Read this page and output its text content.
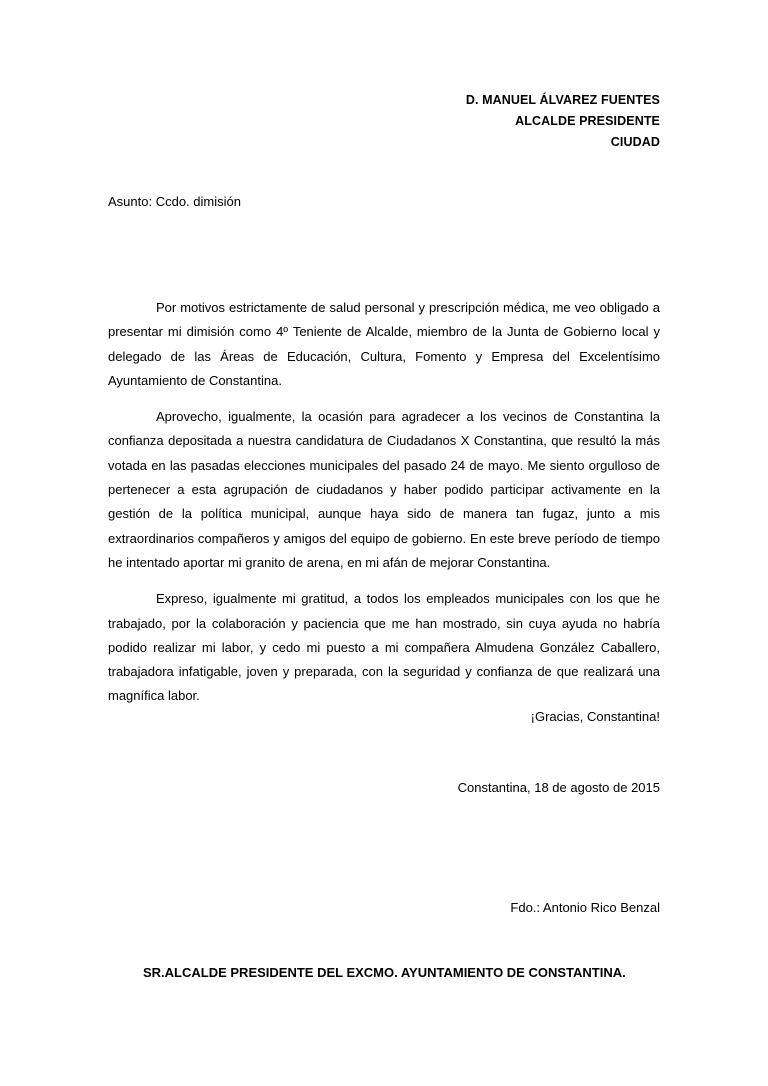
D. MANUEL ÁLVAREZ FUENTES
ALCALDE PRESIDENTE
CIUDAD
Asunto: Ccdo. dimisión

Por motivos estrictamente de salud personal y prescripción médica, me veo obligado a presentar mi dimisión como 4º Teniente de Alcalde, miembro de la Junta de Gobierno local y delegado de las Áreas de Educación, Cultura, Fomento y Empresa del Excelentísimo Ayuntamiento de Constantina.

Aprovecho, igualmente, la ocasión para agradecer a los vecinos de Constantina la confianza depositada a nuestra candidatura de Ciudadanos X Constantina, que resultó la más votada en las pasadas elecciones municipales del pasado 24 de mayo. Me siento orgulloso de pertenecer a esta agrupación de ciudadanos y haber podido participar activamente en la gestión de la política municipal, aunque haya sido de manera tan fugaz, junto a mis extraordinarios compañeros y amigos del equipo de gobierno. En este breve período de tiempo he intentado aportar mi granito de arena, en mi afán de mejorar Constantina.

Expreso, igualmente mi gratitud, a todos los empleados municipales con los que he trabajado, por la colaboración y paciencia que me han mostrado, sin cuya ayuda no habría podido realizar mi labor, y cedo mi puesto a mi compañera Almudena González Caballero, trabajadora infatigable, joven y preparada, con la seguridad y confianza de que realizará una magnífica labor.

¡Gracias, Constantina!
Constantina, 18 de agosto de 2015
Fdo.: Antonio Rico Benzal
SR.ALCALDE PRESIDENTE DEL EXCMO. AYUNTAMIENTO DE CONSTANTINA.
